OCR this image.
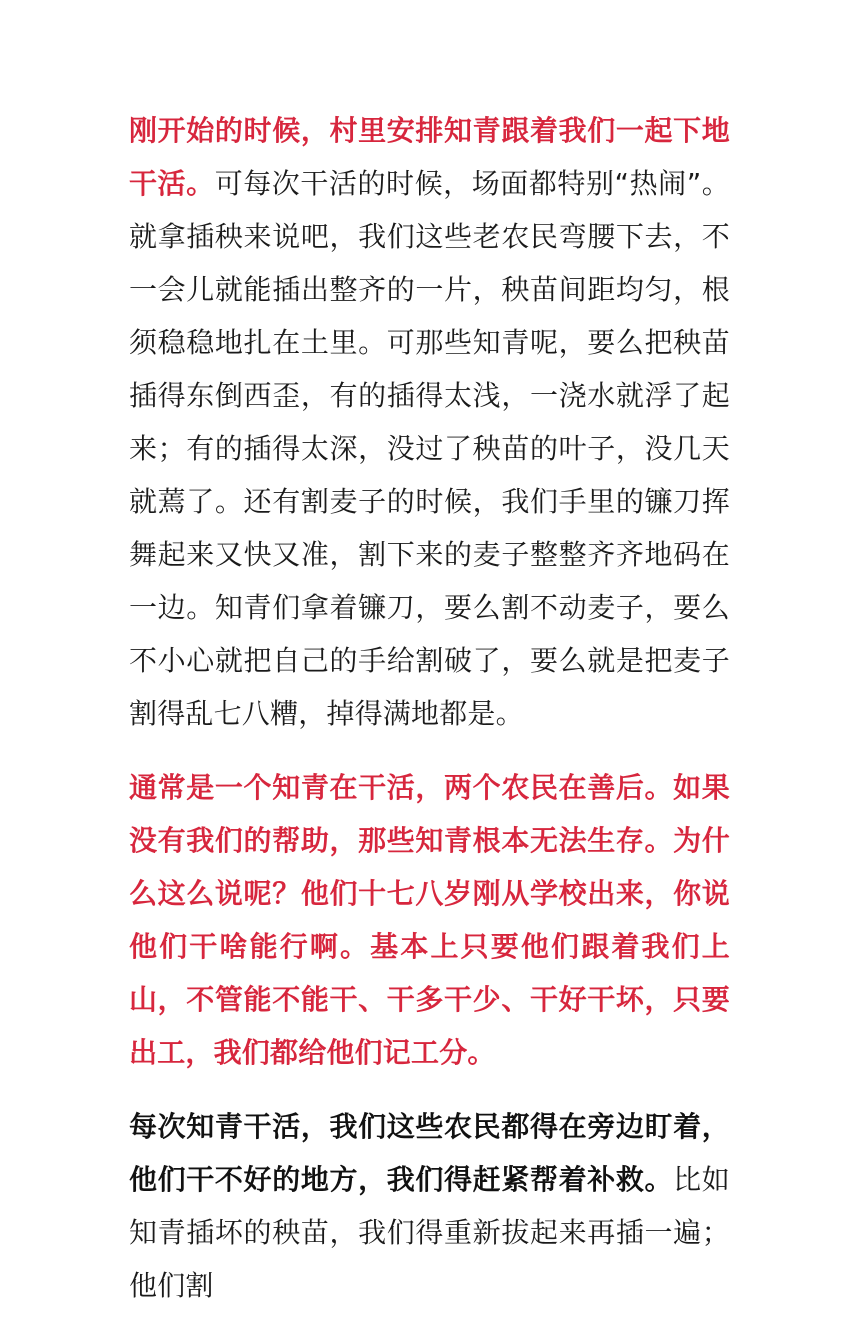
刚开始的时候，村里安排知青跟着我们一起下地干活。可每次干活的时候，场面都特别“热闹”。就拿插秧来说吧，我们这些老农民弯腰下去，不一会儿就能插出整齐的一片，秧苗间距均匀，根须稳稳地扎在土里。可那些知青呢，要么把秧苗插得东倒西歪，有的插得太浅，一浇水就浮了起来；有的插得太深，没过了秧苗的叶子，没几天就蔫了。还有割麦子的时候，我们手里的镰刀挥舞起来又快又准，割下来的麦子整整齐齐地码在一边。知青们拿着镰刀，要么割不动麦子，要么不小心就把自己的手给割破了，要么就是把麦子割得乱七八糟，掉得满地都是。

通常是一个知青在干活，两个农民在善后。如果没有我们的帮助，那些知青根本无法生存。为什么这么说呢？他们十七八岁刚从学校出来，你说他们干啥能行啊。基本上只要他们跟着我们上山，不管能不能干、干多干少、干好干坏，只要出工，我们都给他们记工分。

每次知青干活，我们这些农民都得在旁边盯着，他们干不好的地方，我们得赶紧帮着补救。比如知青插坏的秧苗，我们得重新拔起来再插一遍；他们割
